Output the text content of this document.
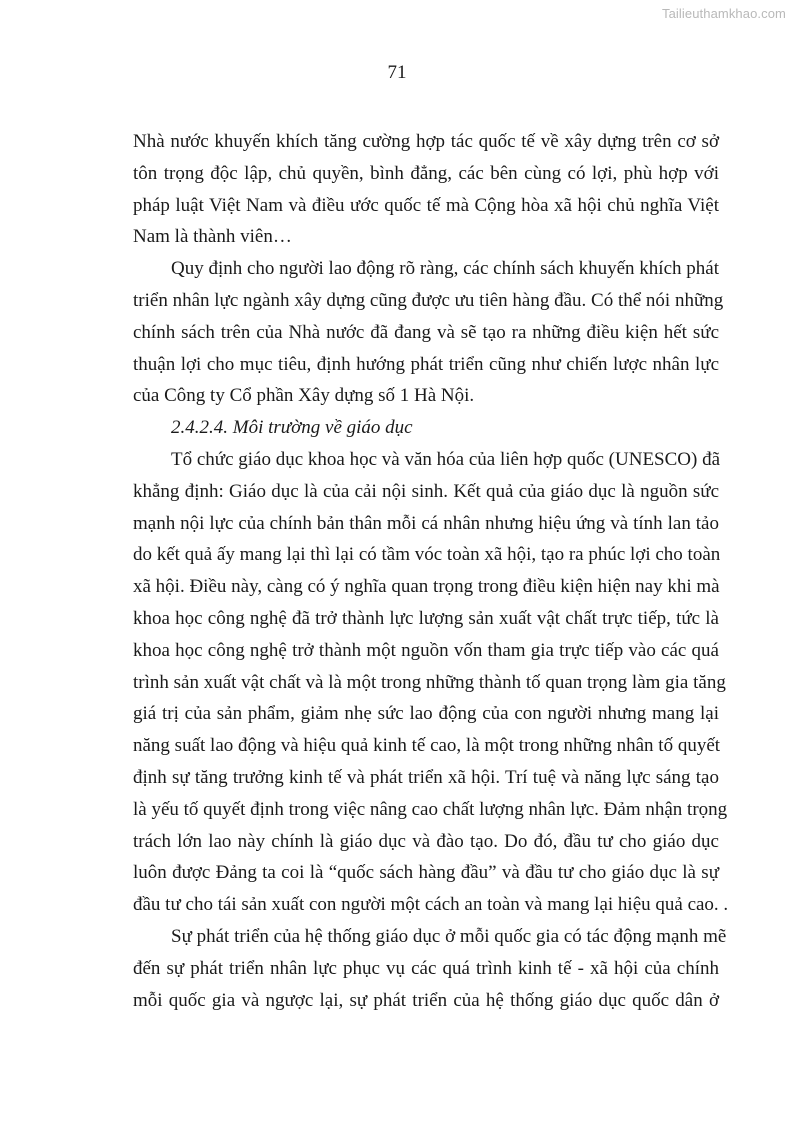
Tailieuthamkhao.com
71
Nhà nước khuyến khích tăng cường hợp tác quốc tế về xây dựng trên cơ sở
tôn trọng độc lập, chủ quyền, bình đẳng, các bên cùng có lợi, phù hợp với
pháp luật Việt Nam và điều ước quốc tế mà Cộng hòa xã hội chủ nghĩa Việt
Nam là thành viên…
Quy định cho người lao động rõ ràng, các chính sách khuyến khích phát
triển nhân lực ngành xây dựng cũng được ưu tiên hàng đầu. Có thể nói những
chính sách trên của Nhà nước đã đang và sẽ tạo ra những điều kiện hết sức
thuận lợi cho mục tiêu, định hướng phát triển cũng như chiến lược nhân lực
của Công ty Cổ phần Xây dựng số 1 Hà Nội.
2.4.2.4. Môi trường về giáo dục
Tổ chức giáo dục khoa học và văn hóa của liên hợp quốc (UNESCO) đã
khẳng định: Giáo dục là của cải nội sinh. Kết quả của giáo dục là nguồn sức
mạnh nội lực của chính bản thân mỗi cá nhân nhưng hiệu ứng và tính lan tảo
do kết quả ấy mang lại thì lại có tầm vóc toàn xã hội, tạo ra phúc lợi cho toàn
xã hội. Điều này, càng có ý nghĩa quan trọng trong điều kiện hiện nay khi mà
khoa học công nghệ đã trở thành lực lượng sản xuất vật chất trực tiếp, tức là
khoa học công nghệ trở thành một nguồn vốn tham gia trực tiếp vào các quá
trình sản xuất vật chất và là một trong những thành tố quan trọng làm gia tăng
giá trị của sản phẩm, giảm nhẹ sức lao động của con người nhưng mang lại
năng suất lao động và hiệu quả kinh tế cao, là một trong những nhân tố quyết
định sự tăng trưởng kinh tế và phát triển xã hội. Trí tuệ và năng lực sáng tạo
là yếu tố quyết định trong việc nâng cao chất lượng nhân lực. Đảm nhận trọng
trách lớn lao này chính là giáo dục và đào tạo. Do đó, đầu tư cho giáo dục
luôn được Đảng ta coi là “quốc sách hàng đầu” và đầu tư cho giáo dục là sự
đầu tư cho tái sản xuất con người một cách an toàn và mang lại hiệu quả cao. .
Sự phát triển của hệ thống giáo dục ở mỗi quốc gia có tác động mạnh mẽ
đến sự phát triển nhân lực phục vụ các quá trình kinh tế - xã hội của chính
mỗi quốc gia và ngược lại, sự phát triển của hệ thống giáo dục quốc dân ở
